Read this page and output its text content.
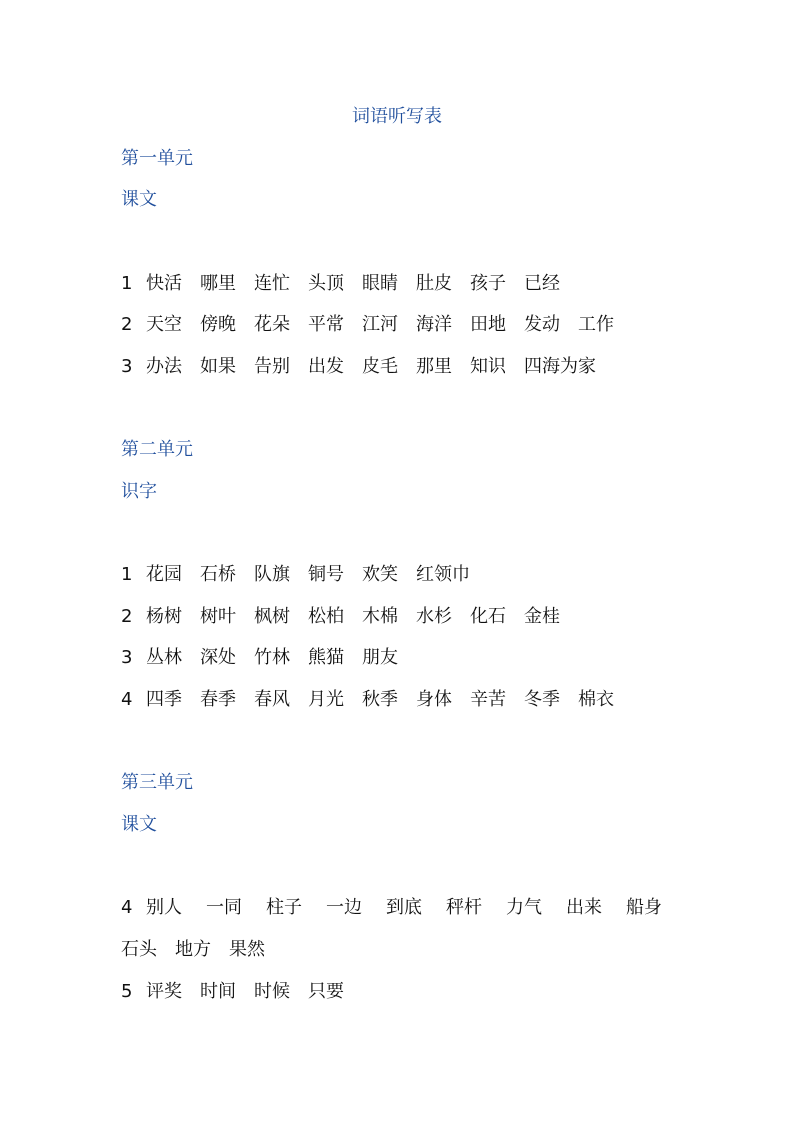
词语听写表
第一单元
课文
1 快活 哪里 连忙 头顶 眼睛 肚皮 孩子 已经
2 天空 傍晚 花朵 平常 江河 海洋 田地 发动 工作
3 办法 如果 告别 出发 皮毛 那里 知识 四海为家
第二单元
识字
1 花园 石桥 队旗 铜号 欢笑 红领巾
2 杨树 树叶 枫树 松柏 木棉 水杉 化石 金桂
3 丛林 深处 竹林 熊猫 朋友
4 四季 春季 春风 月光 秋季 身体 辛苦 冬季 棉衣
第三单元
课文
4 别人 一同 柱子 一边 到底 秤杆 力气 出来 船身
石头 地方 果然
5 评奖 时间 时候 只要
